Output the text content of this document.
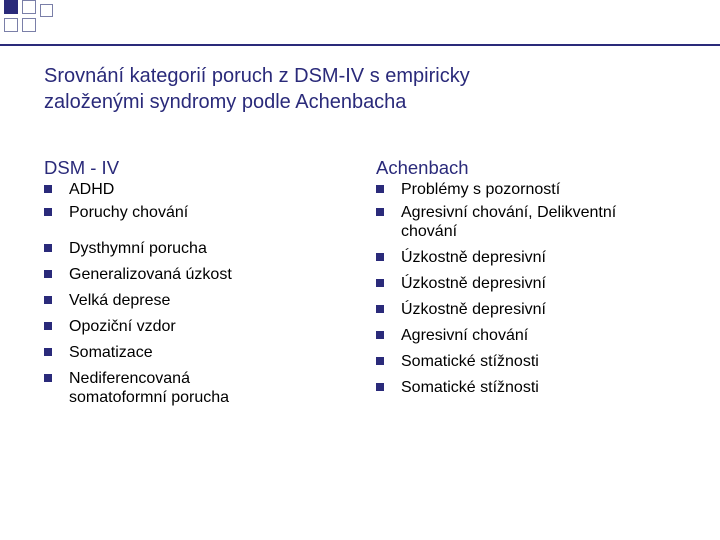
Srovnání kategorií poruch z DSM-IV s empiricky
založenými syndromy podle Achenbacha
DSM - IV
ADHD
Poruchy chování
Dysthymní porucha
Generalizovaná úzkost
Velká deprese
Opoziční vzdor
Somatizace
Nediferencovaná somatoformní porucha
Achenbach
Problémy s pozorností
Agresivní chování, Delikventní chování
Úzkostně depresivní
Úzkostně depresivní
Úzkostně depresivní
Agresivní chování
Somatické stížnosti
Somatické stížnosti
